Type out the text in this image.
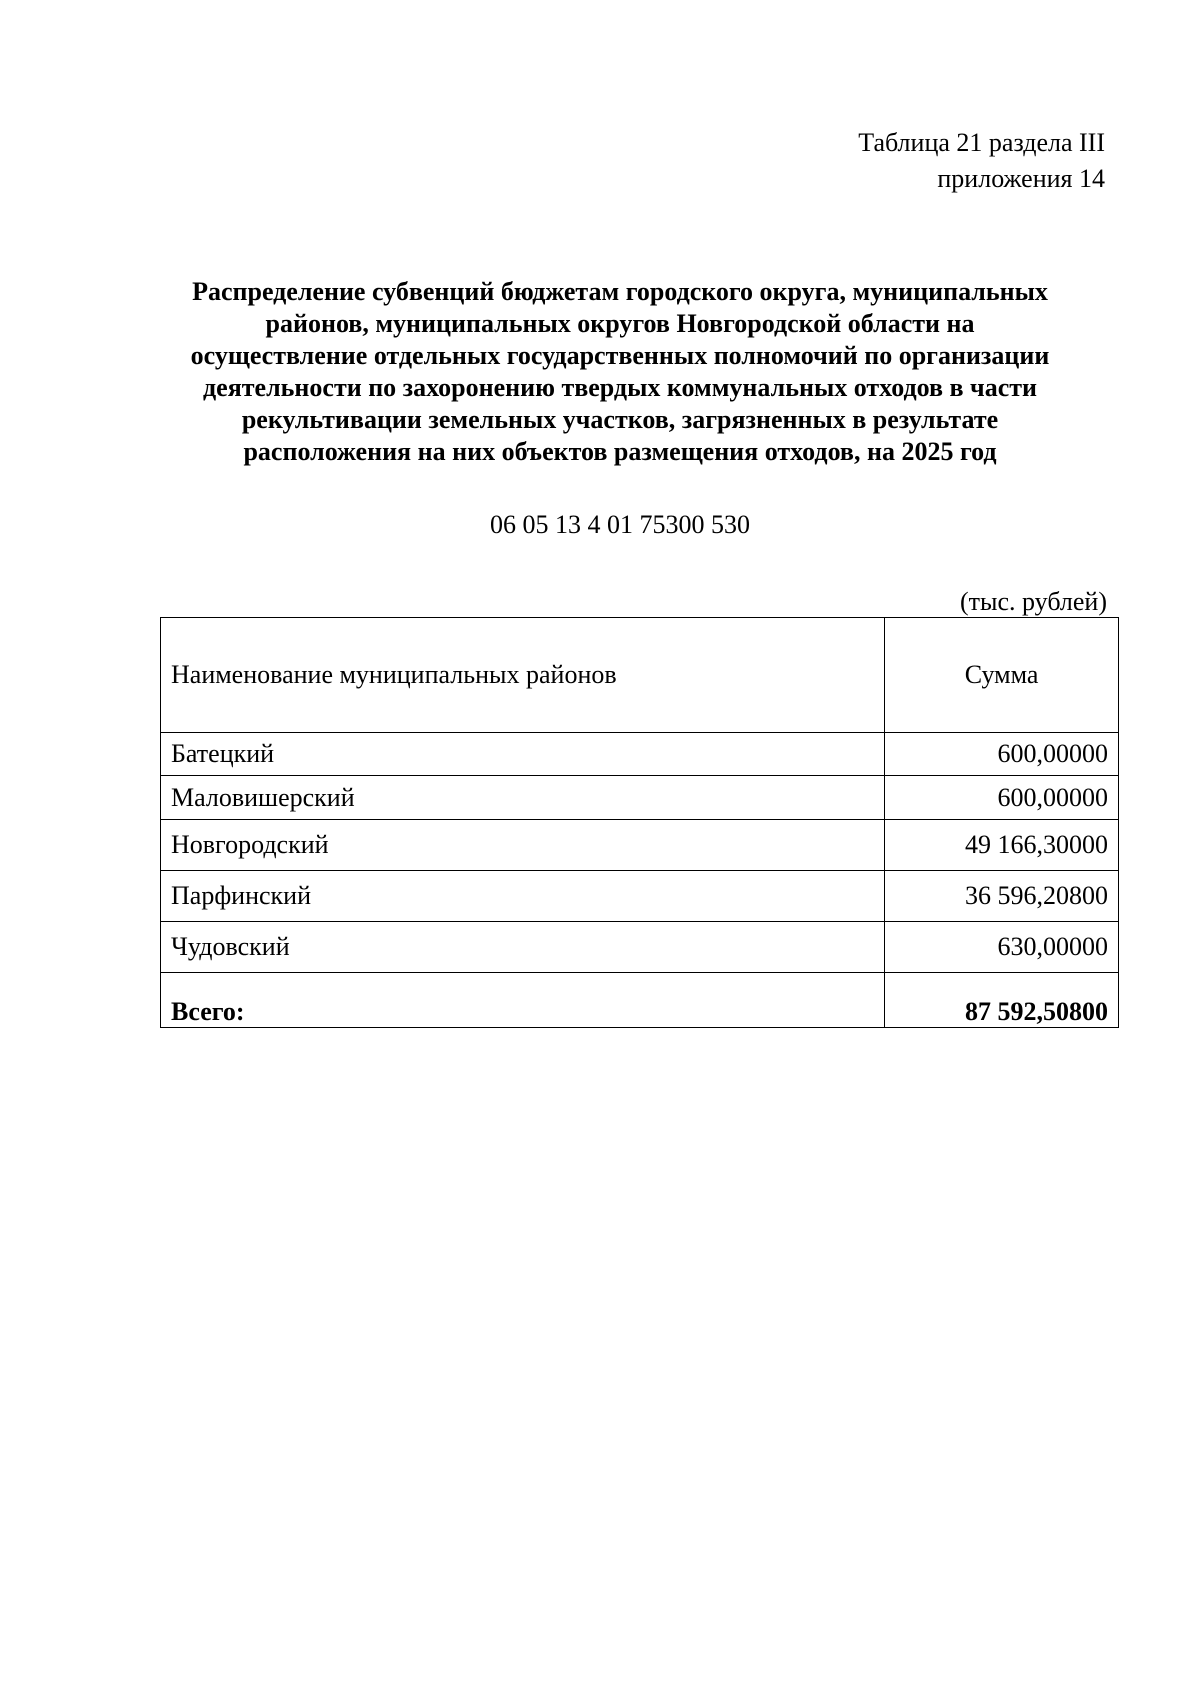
Таблица 21 раздела III
приложения 14
Распределение субвенций бюджетам городского округа, муниципальных
районов, муниципальных округов Новгородской области на
осуществление отдельных государственных полномочий по организации
деятельности по захоронению твердых коммунальных отходов в части
рекультивации земельных участков, загрязненных в результате
расположения на них объектов размещения отходов, на 2025 год
06 05 13 4 01 75300 530
(тыс. рублей)
Наименование муниципальных районов	Сумма
Батецкий	600,00000
Маловишерский	600,00000
Новгородский	49 166,30000
Парфинский	36 596,20800
Чудовский	630,00000
Всего:	87 592,50800
